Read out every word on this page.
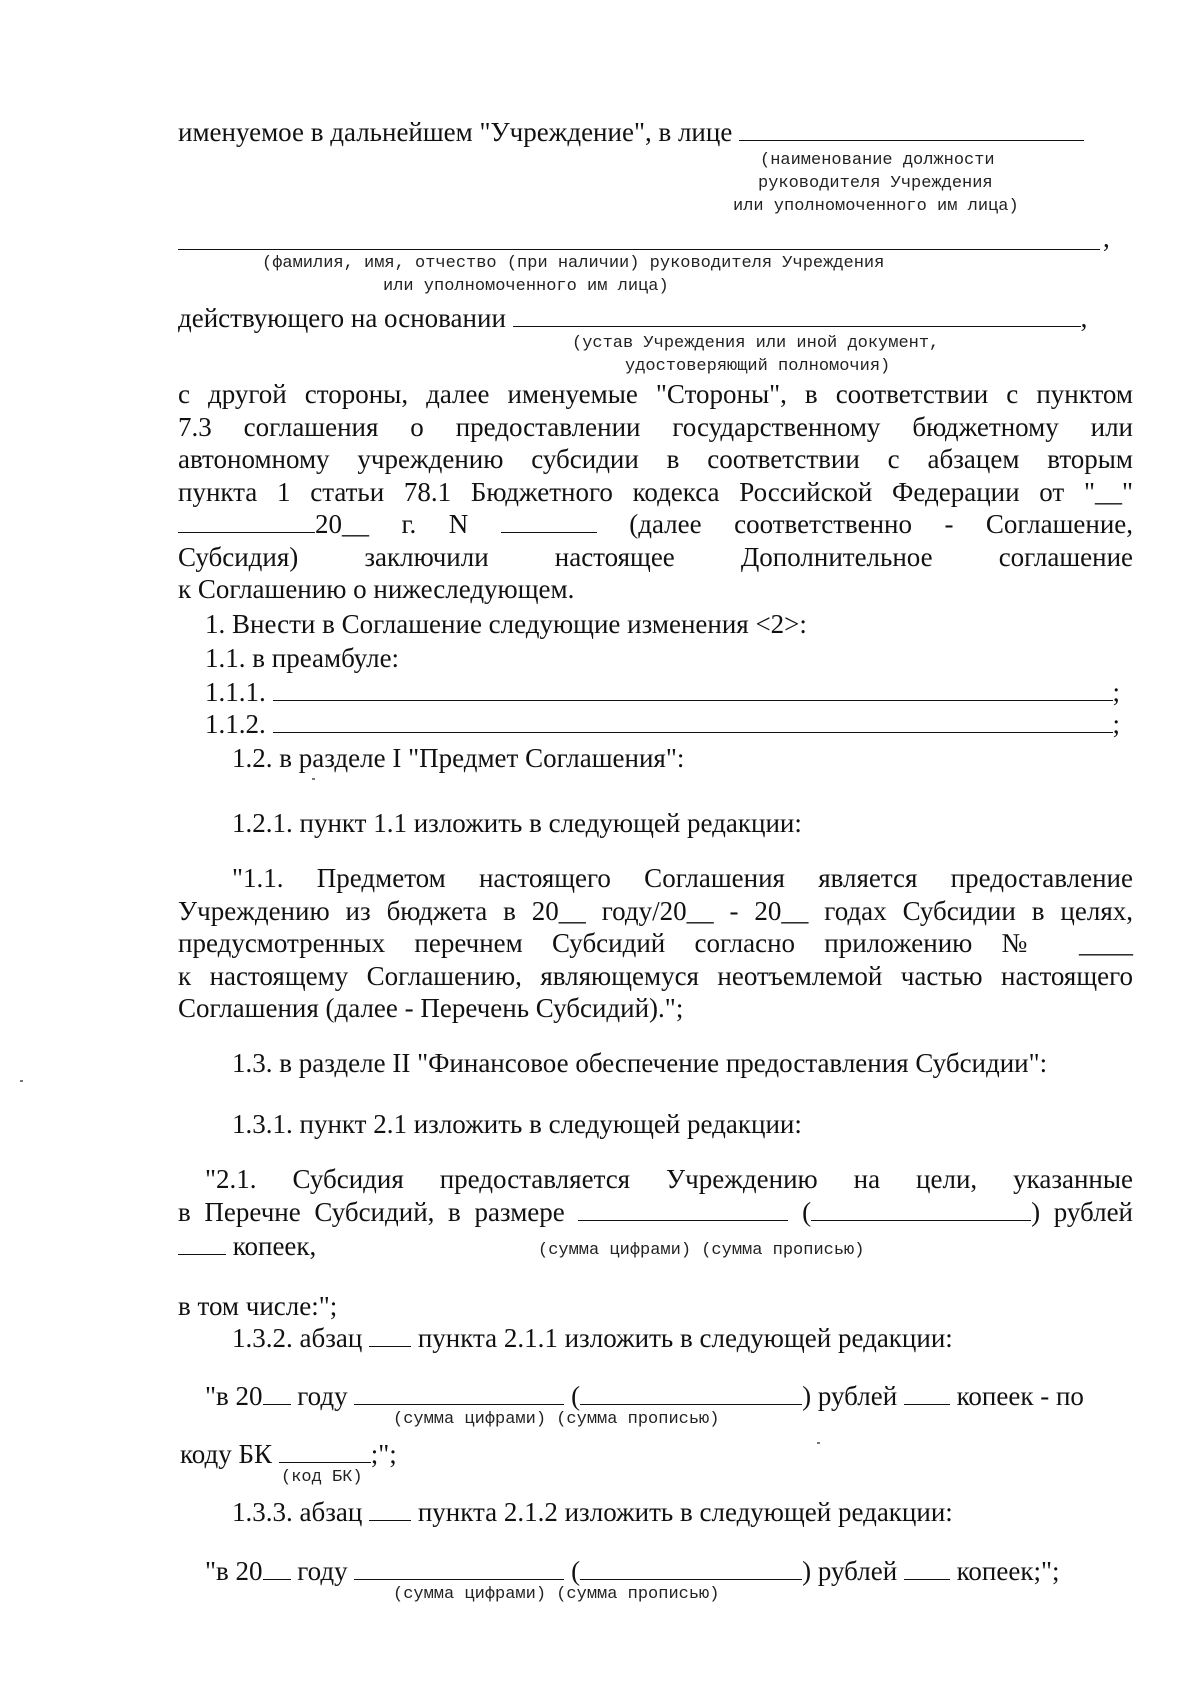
именуемое в дальнейшем "Учреждение", в лице
(наименование должности
руководителя Учреждения
или уполномоченного им лица)
,
(фамилия, имя, отчество (при наличии) руководителя Учреждения
или уполномоченного им лица)
действующего на основании	,
(устав Учреждения или иной документ,
удостоверяющий полномочия)
с другой стороны, далее именуемые "Стороны", в соответствии с пунктом
7.3 соглашения о предоставлении государственному бюджетному или
автономному учреждению субсидии в соответствии с абзацем вторым
пункта 1 статьи 78.1 Бюджетного кодекса Российской Федерации от "__"
20__ г. N	(далее соответственно - Соглашение,
Субсидия) заключили настоящее Дополнительное соглашение
к Соглашению о нижеследующем.
1. Внести в Соглашение следующие изменения <2>:
1.1. в преамбуле:
1.1.1.	;
1.1.2.	;
1.2. в разделе I "Предмет Соглашения":
1.2.1. пункт 1.1 изложить в следующей редакции:
"1.1. Предметом настоящего Соглашения является предоставление
Учреждению из бюджета в 20__ году/20__ - 20__ годах Субсидии в целях,
предусмотренных перечнем Субсидий согласно приложению № ____
к настоящему Соглашению, являющемуся неотъемлемой частью настоящего
Соглашения (далее - Перечень Субсидий).";
1.3. в разделе II "Финансовое обеспечение предоставления Субсидии":
1.3.1. пункт 2.1 изложить в следующей редакции:
"2.1. Субсидия предоставляется Учреждению на цели, указанные
в Перечне Субсидий, в размере	(	) рублей
копеек,	(сумма цифрами) (сумма прописью)
в том числе:";
1.3.2. абзац пункта 2.1.1 изложить в следующей редакции:
"в 20 году	(	) рублей копеек - по
(сумма цифрами) (сумма прописью)
коду БК	;";
(код БК)
1.3.3. абзац пункта 2.1.2 изложить в следующей редакции:
"в 20 году	(	) рублей копеек;";
(сумма цифрами) (сумма прописью)
